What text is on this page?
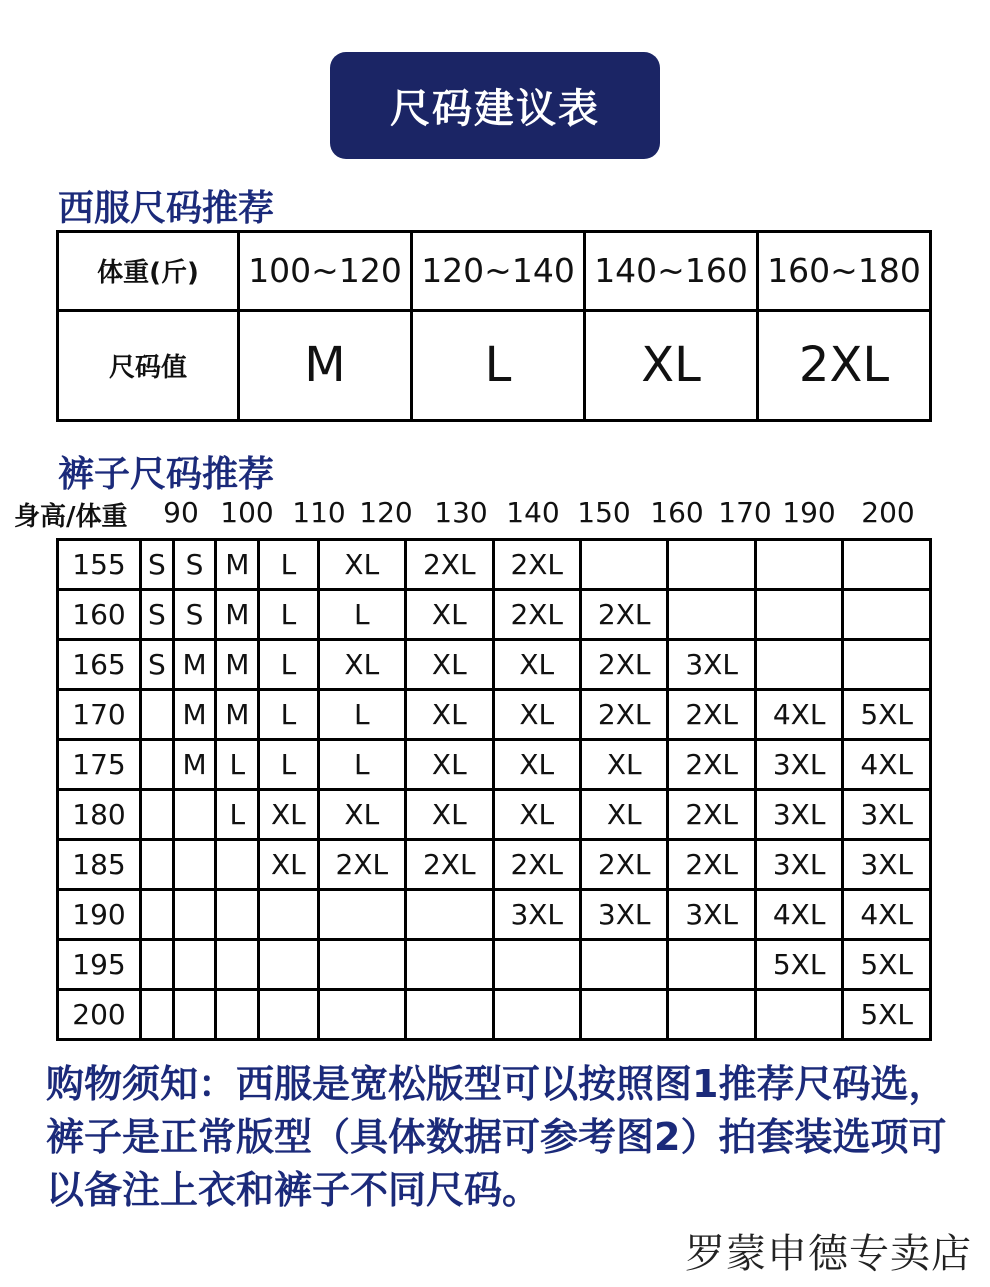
尺码建议表
西服尺码推荐
体重(斤)	100~120	120~140	140~160	160~180
尺码值	M	L	XL	2XL
裤子尺码推荐
身高/体重 90 100 110 120 130 140 150 160 170 190 200
155	S	S	M	L	XL	2XL	2XL				
160	S	S	M	L	L	XL	2XL	2XL			
165	S	M	M	L	XL	XL	XL	2XL	3XL		
170		M	M	L	L	XL	XL	2XL	2XL	4XL	5XL
175		M	L	L	L	XL	XL	XL	2XL	3XL	4XL
180			L	XL	XL	XL	XL	XL	2XL	3XL	3XL
185				XL	2XL	2XL	2XL	2XL	2XL	3XL	3XL
190							3XL	3XL	3XL	4XL	4XL
195										5XL	5XL
200											5XL
购物须知：西服是宽松版型可以按照图1推荐尺码选，裤子是正常版型（具体数据可参考图2）拍套装选项可以备注上衣和裤子不同尺码。
罗蒙申德专卖店
